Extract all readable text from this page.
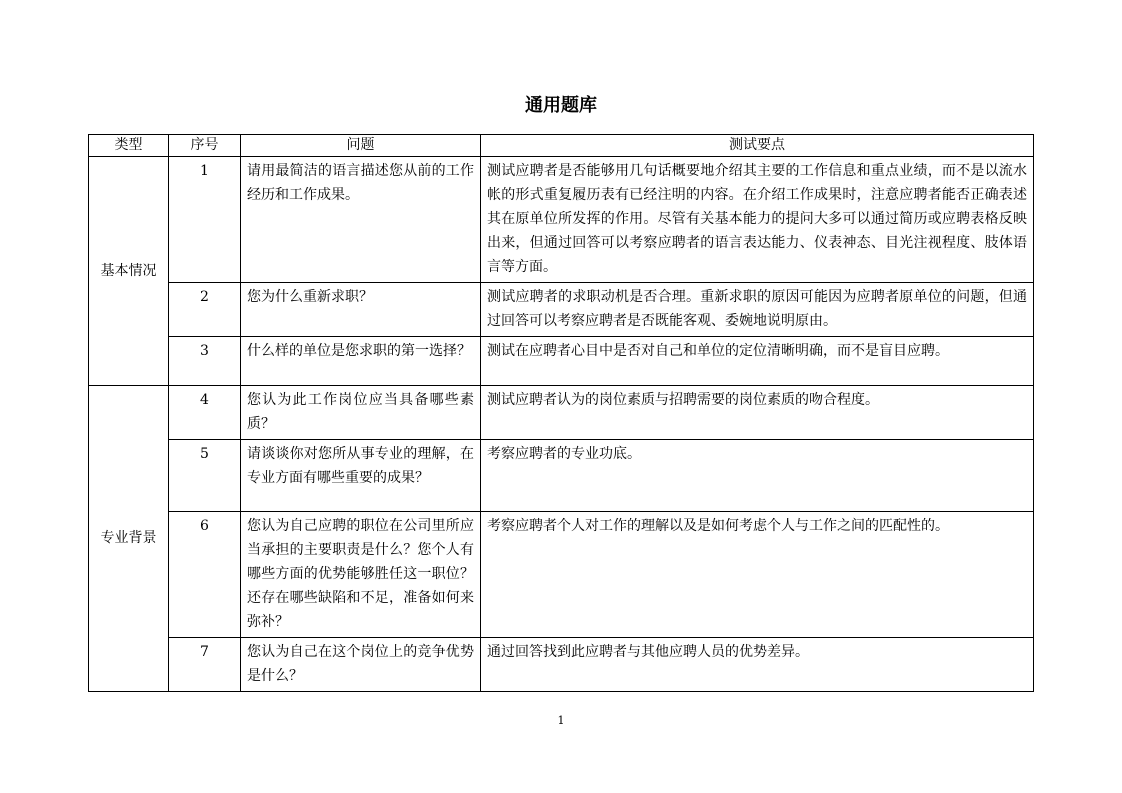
通用题库
类型	序号	问题	测试要点
基本情况	1	请用最简洁的语言描述您从前的工作经历和工作成果。	测试应聘者是否能够用几句话概要地介绍其主要的工作信息和重点业绩，而不是以流水帐的形式重复履历表有已经注明的内容。在介绍工作成果时，注意应聘者能否正确表述其在原单位所发挥的作用。尽管有关基本能力的提问大多可以通过简历或应聘表格反映出来，但通过回答可以考察应聘者的语言表达能力、仪表神态、目光注视程度、肢体语言等方面。
	2	您为什么重新求职？	测试应聘者的求职动机是否合理。重新求职的原因可能因为应聘者原单位的问题，但通过回答可以考察应聘者是否既能客观、委婉地说明原由。
	3	什么样的单位是您求职的第一选择？	测试在应聘者心目中是否对自己和单位的定位清晰明确，而不是盲目应聘。
专业背景	4	您认为此工作岗位应当具备哪些素质？	测试应聘者认为的岗位素质与招聘需要的岗位素质的吻合程度。
	5	请谈谈你对您所从事专业的理解，在专业方面有哪些重要的成果？	考察应聘者的专业功底。
	6	您认为自己应聘的职位在公司里所应当承担的主要职责是什么？您个人有哪些方面的优势能够胜任这一职位？还存在哪些缺陷和不足，准备如何来弥补？	考察应聘者个人对工作的理解以及是如何考虑个人与工作之间的匹配性的。
	7	您认为自己在这个岗位上的竞争优势是什么？	通过回答找到此应聘者与其他应聘人员的优势差异。
1
